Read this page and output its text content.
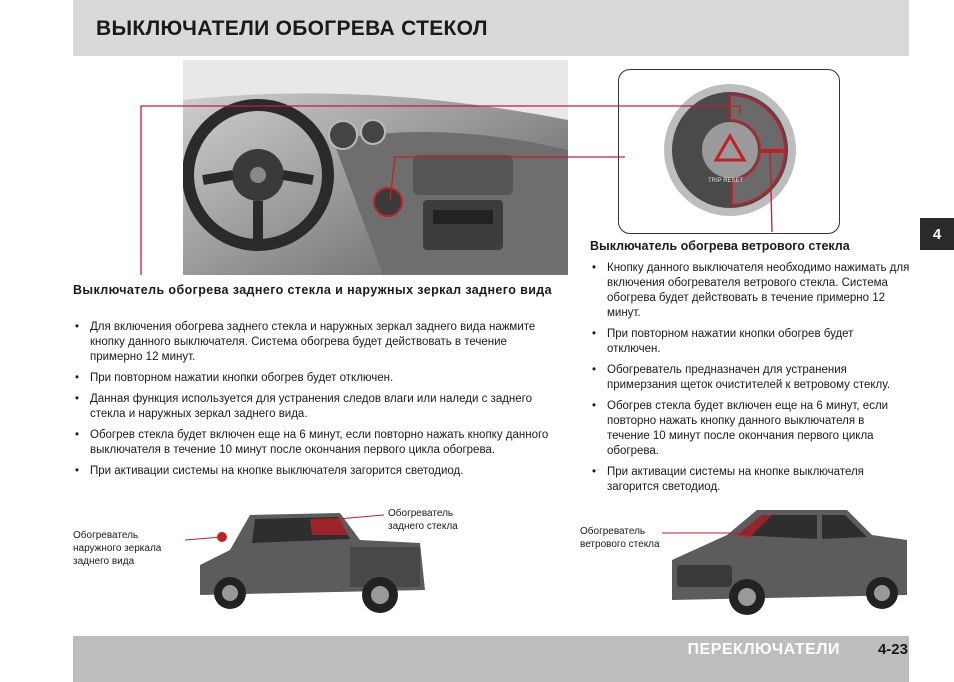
ВЫКЛЮЧАТЕЛИ ОБОГРЕВА СТЕКОЛ
4
TRIP RESET
Выключатель обогрева ветрового стекла
• Кнопку данного выключателя необходимо нажимать для включения обогревателя ветрового стекла. Система обогрева будет действовать в течение примерно 12 минут.
• При повторном нажатии кнопки обогрев будет отключен.
• Обогреватель предназначен для устранения примерзания щеток очистителей к ветровому стеклу.
• Обогрев стекла будет включен еще на 6 минут, если повторно нажать кнопку данного выключателя в течение 10 минут после окончания первого цикла обогрева.
• При активации системы на кнопке выключателя загорится светодиод.
Выключатель обогрева заднего стекла и наружных зеркал заднего вида
• Для включения обогрева заднего стекла и наружных зеркал заднего вида нажмите кнопку данного выключателя. Система обогрева будет действовать в течение примерно 12 минут.
• При повторном нажатии кнопки обогрев будет отключен.
• Данная функция используется для устранения следов влаги или наледи с заднего стекла и наружных зеркал заднего вида.
• Обогрев стекла будет включен еще на 6 минут, если повторно нажать кнопку данного выключателя в течение 10 минут после окончания первого цикла обогрева.
• При активации системы на кнопке выключателя загорится светодиод.
Обогреватель наружного зеркала заднего вида
Обогреватель заднего стекла	Обогреватель ветрового стекла
ПЕРЕКЛЮЧАТЕЛИ	4-23
